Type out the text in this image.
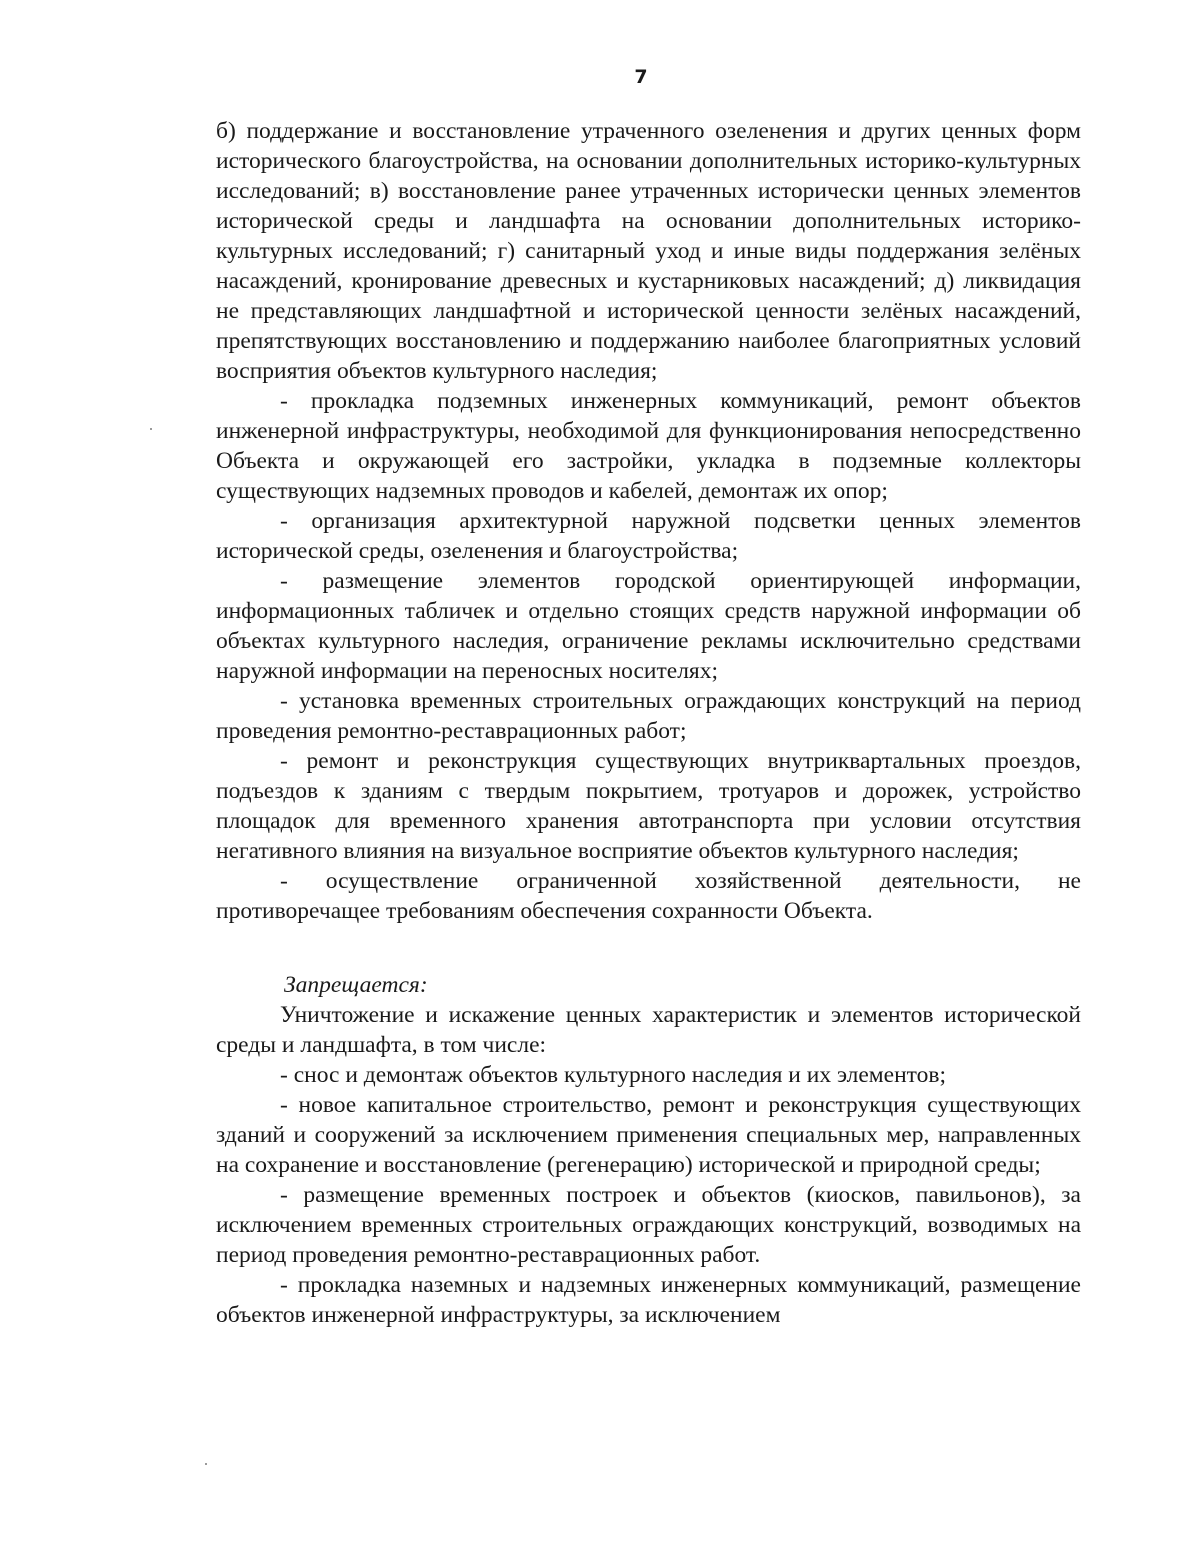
7

б) поддержание и восстановление утраченного озеленения и других ценных форм исторического благоустройства, на основании дополнительных историко-культурных исследований; в) восстановление ранее утраченных исторически ценных элементов исторической среды и ландшафта на основании дополнительных историко-культурных исследований; г) санитарный уход и иные виды поддержания зелёных насаждений, кронирование древесных и кустарниковых насаждений; д) ликвидация не представляющих ландшафтной и исторической ценности зелёных насаждений, препятствующих восстановлению и поддержанию наиболее благоприятных условий восприятия объектов культурного наследия;

- прокладка подземных инженерных коммуникаций, ремонт объектов инженерной инфраструктуры, необходимой для функционирования непосредственно Объекта и окружающей его застройки, укладка в подземные коллекторы существующих надземных проводов и кабелей, демонтаж их опор;

- организация архитектурной наружной подсветки ценных элементов исторической среды, озеленения и благоустройства;

- размещение элементов городской ориентирующей информации, информационных табличек и отдельно стоящих средств наружной информации об объектах культурного наследия, ограничение рекламы исключительно средствами наружной информации на переносных носителях;

- установка временных строительных ограждающих конструкций на период проведения ремонтно-реставрационных работ;

- ремонт и реконструкция существующих внутриквартальных проездов, подъездов к зданиям с твердым покрытием, тротуаров и дорожек, устройство площадок для временного хранения автотранспорта при условии отсутствия негативного влияния на визуальное восприятие объектов культурного наследия;

- осуществление ограниченной хозяйственной деятельности, не противоречащее требованиям обеспечения сохранности Объекта.

Запрещается:

Уничтожение и искажение ценных характеристик и элементов исторической среды и ландшафта, в том числе:

- снос и демонтаж объектов культурного наследия и их элементов;

- новое капитальное строительство, ремонт и реконструкция существующих зданий и сооружений за исключением применения специальных мер, направленных на сохранение и восстановление (регенерацию) исторической и природной среды;

- размещение временных построек и объектов (киосков, павильонов), за исключением временных строительных ограждающих конструкций, возводимых на период проведения ремонтно-реставрационных работ.

- прокладка наземных и надземных инженерных коммуникаций, размещение объектов инженерной инфраструктуры, за исключением
